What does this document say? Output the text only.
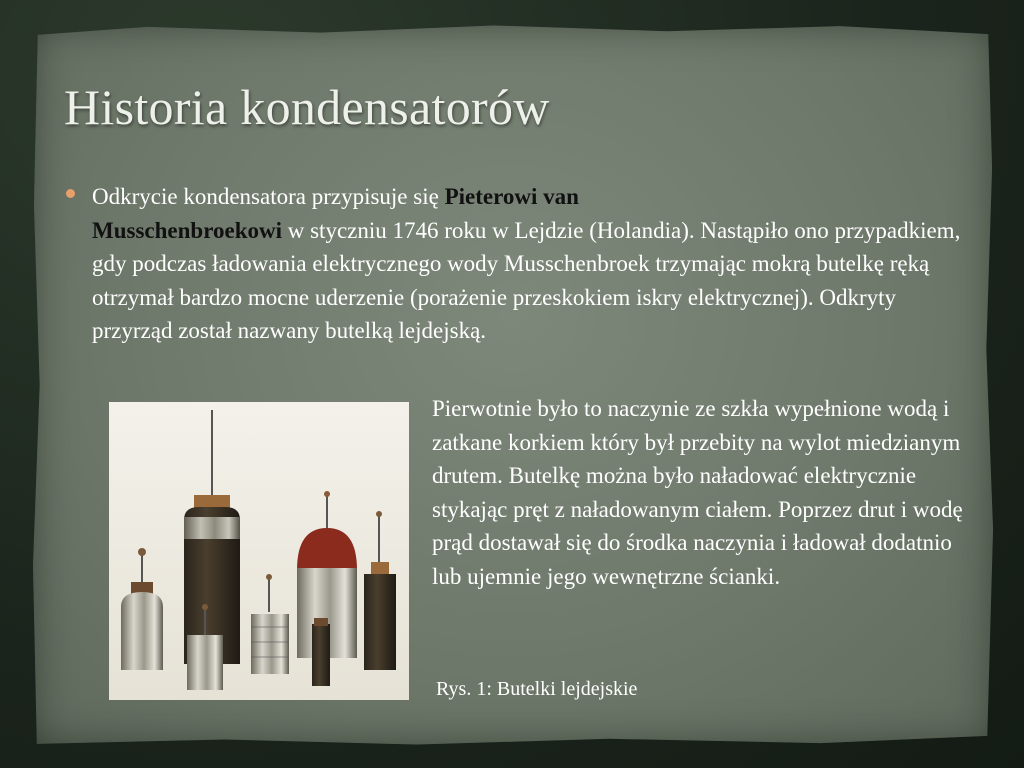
Historia kondensatorów
Odkrycie kondensatora przypisuje się Pieterowi van
Musschenbroekowi w styczniu 1746 roku w Lejdzie (Holandia). Nastąpiło ono przypadkiem, gdy podczas ładowania elektrycznego wody Musschenbroek trzymając mokrą butelkę ręką otrzymał bardzo mocne uderzenie (porażenie przeskokiem iskry elektrycznej). Odkryty przyrząd został nazwany butelką lejdejską.
Pierwotnie było to naczynie ze szkła wypełnione wodą i zatkane korkiem który był przebity na wylot miedzianym drutem. Butelkę można było naładować elektrycznie stykając pręt z naładowanym ciałem. Poprzez drut i wodę prąd dostawał się do środka naczynia i ładował dodatnio lub ujemnie jego wewnętrzne ścianki.
Rys. 1: Butelki lejdejskie
